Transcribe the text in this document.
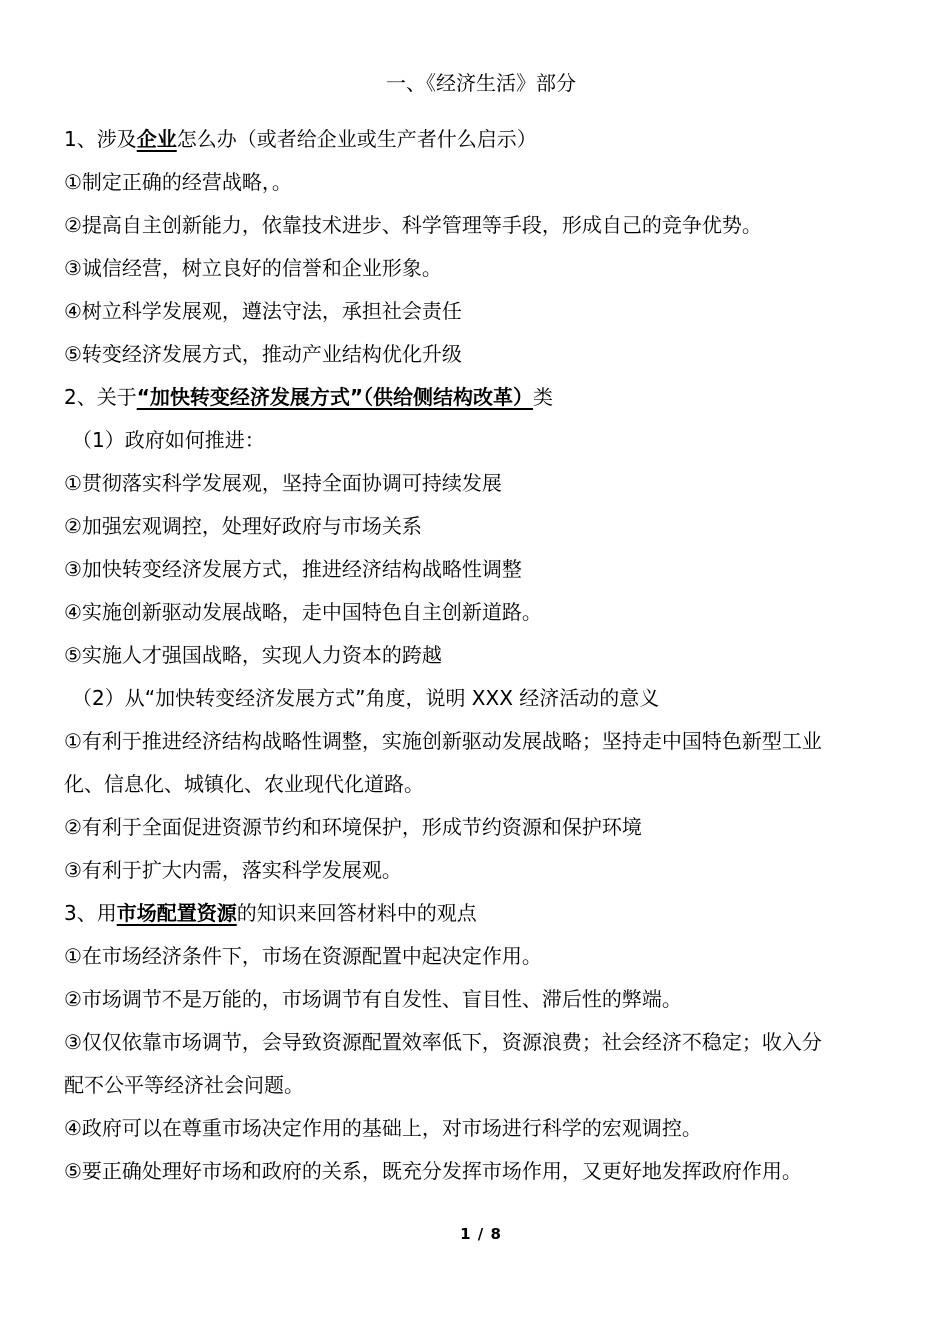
一、《经济生活》部分
1、涉及企业怎么办（或者给企业或生产者什么启示）
①制定正确的经营战略，。
②提高自主创新能力，依靠技术进步、科学管理等手段，形成自己的竞争优势。
③诚信经营，树立良好的信誉和企业形象。
④树立科学发展观，遵法守法，承担社会责任
⑤转变经济发展方式，推动产业结构优化升级
2、关于“加快转变经济发展方式”（供给侧结构改革）类
（1）政府如何推进：
①贯彻落实科学发展观，坚持全面协调可持续发展
②加强宏观调控，处理好政府与市场关系
③加快转变经济发展方式，推进经济结构战略性调整
④实施创新驱动发展战略，走中国特色自主创新道路。
⑤实施人才强国战略，实现人力资本的跨越
（2）从“加快转变经济发展方式”角度，说明 XXX 经济活动的意义
①有利于推进经济结构战略性调整，实施创新驱动发展战略；坚持走中国特色新型工业
化、信息化、城镇化、农业现代化道路。
②有利于全面促进资源节约和环境保护，形成节约资源和保护环境
③有利于扩大内需，落实科学发展观。
3、用市场配置资源的知识来回答材料中的观点
①在市场经济条件下，市场在资源配置中起决定作用。
②市场调节不是万能的，市场调节有自发性、盲目性、滞后性的弊端。
③仅仅依靠市场调节，会导致资源配置效率低下，资源浪费；社会经济不稳定；收入分
配不公平等经济社会问题。
④政府可以在尊重市场决定作用的基础上，对市场进行科学的宏观调控。
⑤要正确处理好市场和政府的关系，既充分发挥市场作用，又更好地发挥政府作用。
1 / 8
